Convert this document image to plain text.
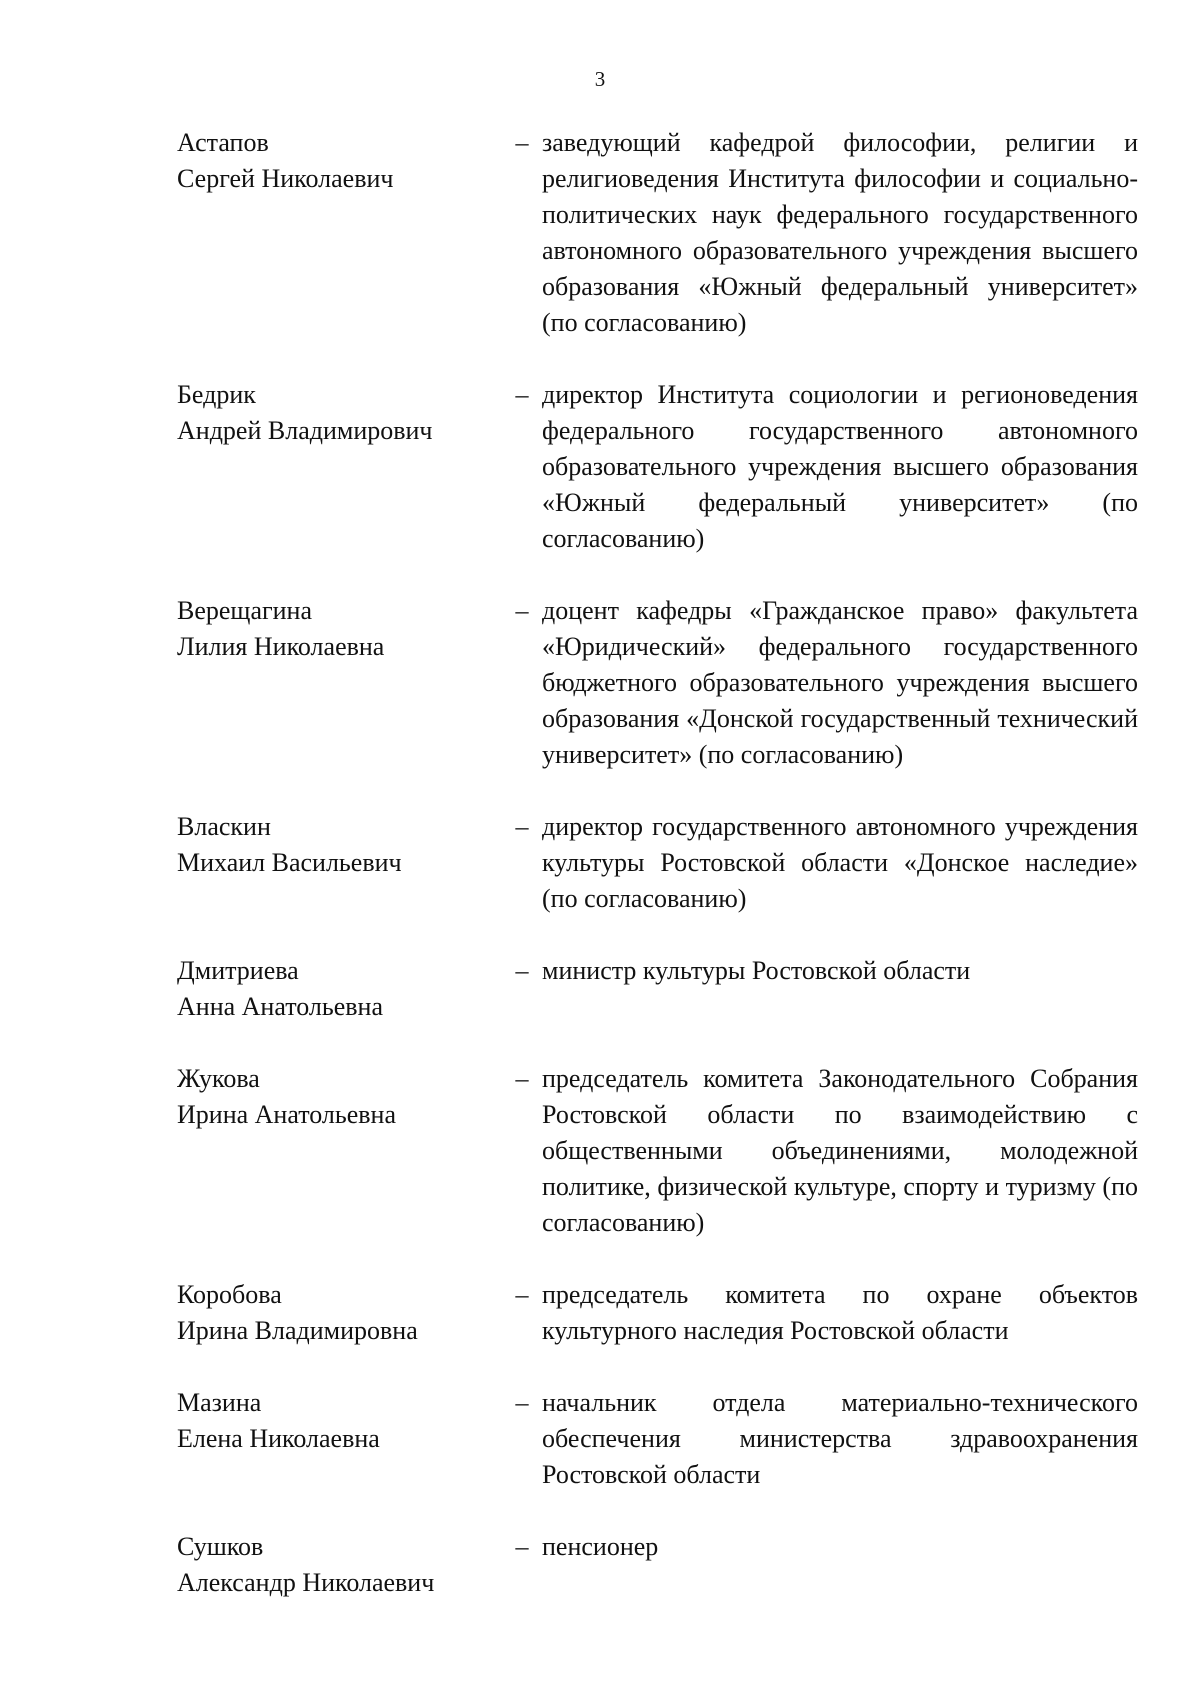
3
Астапов
Сергей Николаевич
– заведующий кафедрой философии, религии и религиоведения Института философии и социально-политических наук федерального государственного автономного образовательного учреждения высшего образования «Южный федеральный университет» (по согласованию)
Бедрик
Андрей Владимирович
– директор Института социологии и регионоведения федерального государственного автономного образовательного учреждения высшего образования «Южный федеральный университет» (по согласованию)
Верещагина
Лилия Николаевна
– доцент кафедры «Гражданское право» факультета «Юридический» федерального государственного бюджетного образовательного учреждения высшего образования «Донской государственный технический университет» (по согласованию)
Власкин
Михаил Васильевич
– директор государственного автономного учреждения культуры Ростовской области «Донское наследие» (по согласованию)
Дмитриева
Анна Анатольевна
– министр культуры Ростовской области
Жукова
Ирина Анатольевна
– председатель комитета Законодательного Собрания Ростовской области по взаимодействию с общественными объединениями, молодежной политике, физической культуре, спорту и туризму (по согласованию)
Коробова
Ирина Владимировна
– председатель комитета по охране объектов культурного наследия Ростовской области
Мазина
Елена Николаевна
– начальник отдела материально-технического обеспечения министерства здравоохранения Ростовской области
Сушков
Александр Николаевич
– пенсионер
